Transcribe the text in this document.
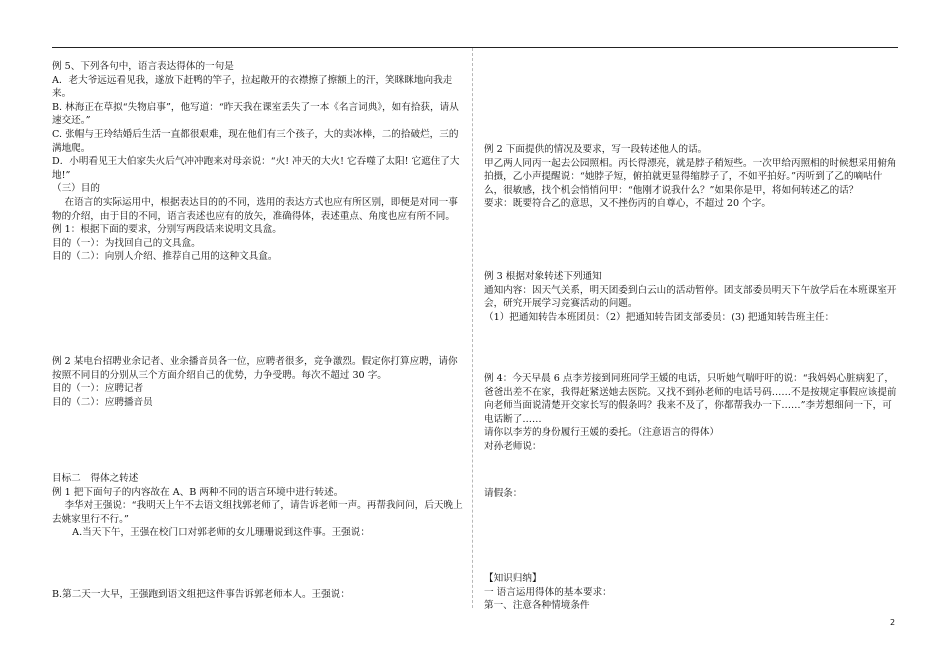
例 5、下列各句中，语言表达得体的一句是

A．老大爷远远看见我，遂放下赶鸭的竿子，拉起敞开的衣襟擦了擦额上的汗，笑眯眯地向我走来。

B. 林海正在草拟“失物启事”，他写道：“昨天我在课室丢失了一本《名言词典》，如有拾获，请从速交还。”

C. 张帽与王玲结婚后生活一直都很艰难，现在他们有三个孩子，大的卖冰棒，二的拾破烂，三的满地爬。

D．小明看见王大伯家失火后气冲冲跑来对母亲说：“火! 冲天的大火! 它吞噬了太阳! 它遮住了大地!”

（三）目的

在语言的实际运用中，根据表达目的的不同，选用的表达方式也应有所区别，即便是对同一事物的介绍，由于目的不同，语言表述也应有的放矢，准确得体，表述重点、角度也应有所不同。

例 1：根据下面的要求，分别写两段话来说明文具盒。

目的（一）：为找回自己的文具盒。

目的（二）：向别人介绍、推荐自己用的这种文具盒。

例 2 某电台招聘业余记者、业余播音员各一位，应聘者很多，竞争激烈。假定你打算应聘，请你按照不同目的分别从三个方面介绍自己的优势，力争受聘。每次不超过 30 字。

目的（一）：应聘记者

目的（二）：应聘播音员

目标二　得体之转述

例 1 把下面句子的内容故在 A、B 两种不同的语言环境中进行转述。

李华对王强说：“我明天上午不去语文组找郭老师了，请告诉老师一声。再帮我问问，后天晚上去姚家里行不行。”

A.当天下午，王强在校门口对郭老师的女儿珊珊说到这件事。王强说：

B.第二天一大早，王强跑到语文组把这件事告诉郭老师本人。王强说：

例 2 下面提供的情况及要求，写一段转述他人的话。

甲乙两人同丙一起去公园照相。丙长得漂亮，就是脖子稍短些。一次甲给丙照相的时候想采用俯角拍摄，乙小声提醒说：“她脖子短，俯拍就更显得缩脖子了，不如平拍好。”丙听到了乙的嘀咕什么，很敏感，找个机会悄悄问甲：“他刚才说我什么？”如果你是甲，将如何转述乙的话？

要求：既要符合乙的意思，又不挫伤丙的自尊心，不超过 20 个字。

例 3 根据对象转述下列通知

通知内容：因天气关系，明天团委到白云山的活动暂停。团支部委员明天下午放学后在本班课室开会，研究开展学习竞赛活动的问题。

（1）把通知转告本班团员：（2）把通知转告团支部委员：(3) 把通知转告班主任：

例 4：今天早晨 6 点李芳接到同班同学王媛的电话，只听她气喘吁吁的说：“我妈妈心脏病犯了，爸爸出差不在家，我得赶紧送她去医院。又找不到孙老师的电话号码……不是按规定事假应该提前向老师当面说清楚开交家长写的假条吗？我来不及了，你都帮我办一下……”李芳想细问一下，可电话断了……

请你以李芳的身份履行王媛的委托。（注意语言的得体）

对孙老师说：

请假条：

【知识归纳】

一 语言运用得体的基本要求：

第一、注意各种情境条件

2
